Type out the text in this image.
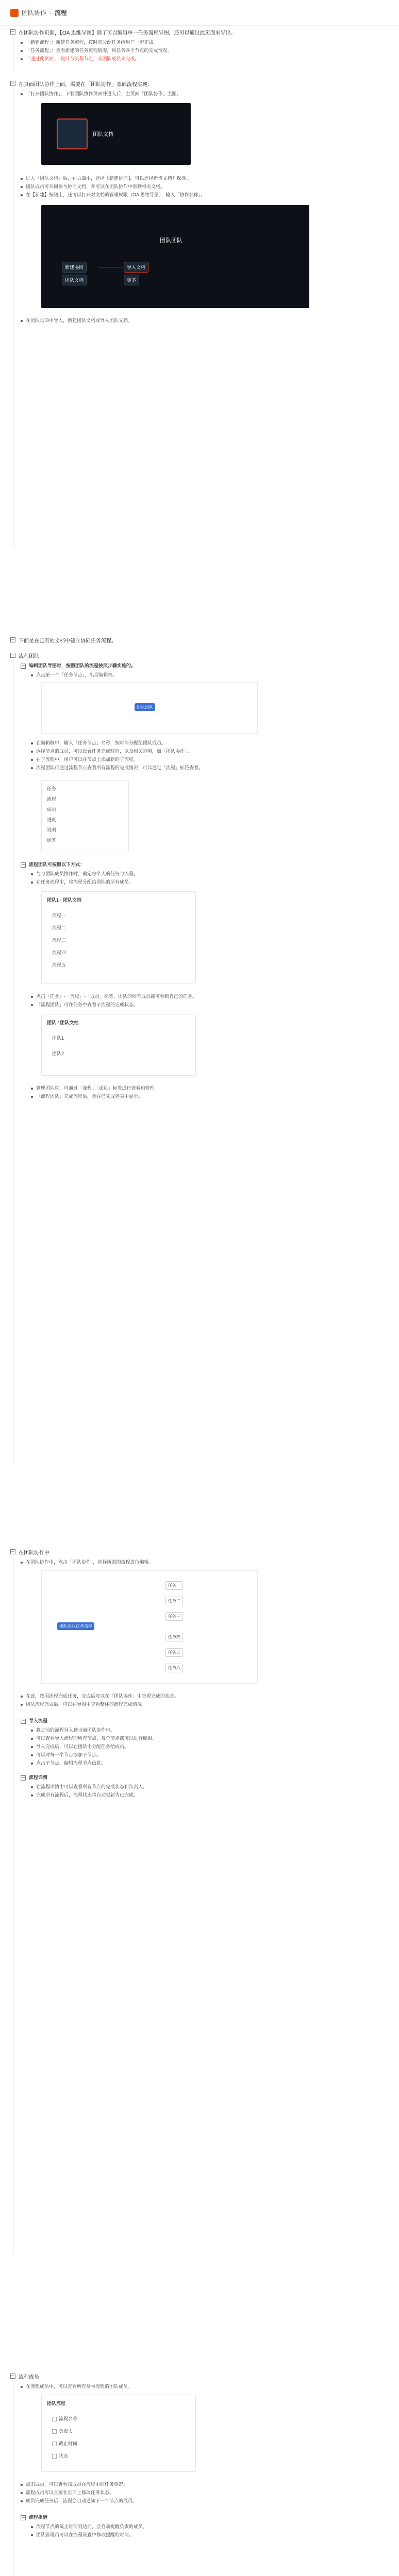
团队协作 › 流程
− 在团队协作页面，【OA 思维导图】除了可以编辑单一任务流程导图，还可以通过此页面来导出。
「新建流程」：新建任务流程，按时间分配任务给用户一起完成。
「任务流程」：查看新建的任务流程情况，和任务各个节点的完成情况。
「通过此页面」：设计与流程节点，从团队成员来完成。
− 在页面团队协作上面，需要在「团队协作」基础流程实现：
「打开团队协作」，下载团队协作页面并进入后，主页面「团队协作」主图。
团队文档
进入「团队文档」后，在页面中，选择【新建协同】，可以选择新增文档并保存。
团队成员可共同参与协同文档，并可以在团队协作中看到相关文档。
在【新建】按钮上，还可以打开对文档的管理权限（OA 思维导图），输入「协作名称」。
团队团队
新建协同
团队文档
导入文档
更多
在团队页面中导入，新建团队文档或导入团队文档。
− 下面是在已有的文档中建立协同任务流程。
− 流程团队
− 编辑团队导图时，按照团队的流程按照步骤实施的。
点击第一个「任务节点」，出现编辑框。
团队团队
在编辑框中，输入「任务节点」名称，按时间分配给团队成员。
选择节点的成员，可以设置任务完成时间，以及相关说明，如「团队协作」。
在子流程中，用户可以在节点上添加新的子流程。
流程团队可通过流程节点查看所有流程的完成情况，可以通过「流程」标签查看。
任务
流程
成员
进度
说明
标签
− 流程团队可按照以下方式：
与与团队成员协作时，确定每个人的任务与流程。
在任务流程中，将流程分配给团队的所有成员。
团队1 · 团队文档
流程一
流程二
流程三
流程四
流程五
点击「任务」-「流程」-「成员」标签，团队的所有成员即可看到自己的任务。
「流程团队」可在任务中查看子流程的完成状态。
团队 / 团队文档
团队1
团队2
管理团队时，可通过「流程」「成员」标签进行查看和管理。
「流程团队」完成流程后，会在已完成列表中显示。
− 在团队协作中
在团队协作中，点击「团队协作」，选择所需的流程进行编辑。
团队团队任务流程
任务一
任务二
任务三
任务四
任务五
任务六
在此，按照流程完成任务，完成后可以在「团队协作」中查看完成的状态。
团队流程完成后，可以在导图中查看整体的流程完成情况。
− 导入流程
将之前的流程导入到当前团队协作中。
可以查看导入流程的所有节点，每个节点都可以进行编辑。
导入完成后，可以在团队中分配任务给成员。
可以对每一个节点添加子节点。
点击子节点，编辑流程节点信息。
− 流程详情
在流程详情中可以查看所有节点的完成状态和负责人。
完成所有流程后，流程状态将自动更新为已完成。
− 流程成员
在流程成员中，可以查看所有参与流程的团队成员。
团队流程
流程名称
负责人
截止时间
状态
点击成员，可以查看该成员在流程中的任务情况。
流程成员可以直接在页面上修改任务状态。
成员完成任务后，流程会自动通知下一个节点的成员。
− 流程提醒
流程节点的截止时间到达前，会自动提醒负责的成员。
团队管理员可以在流程设置中修改提醒的时间。
